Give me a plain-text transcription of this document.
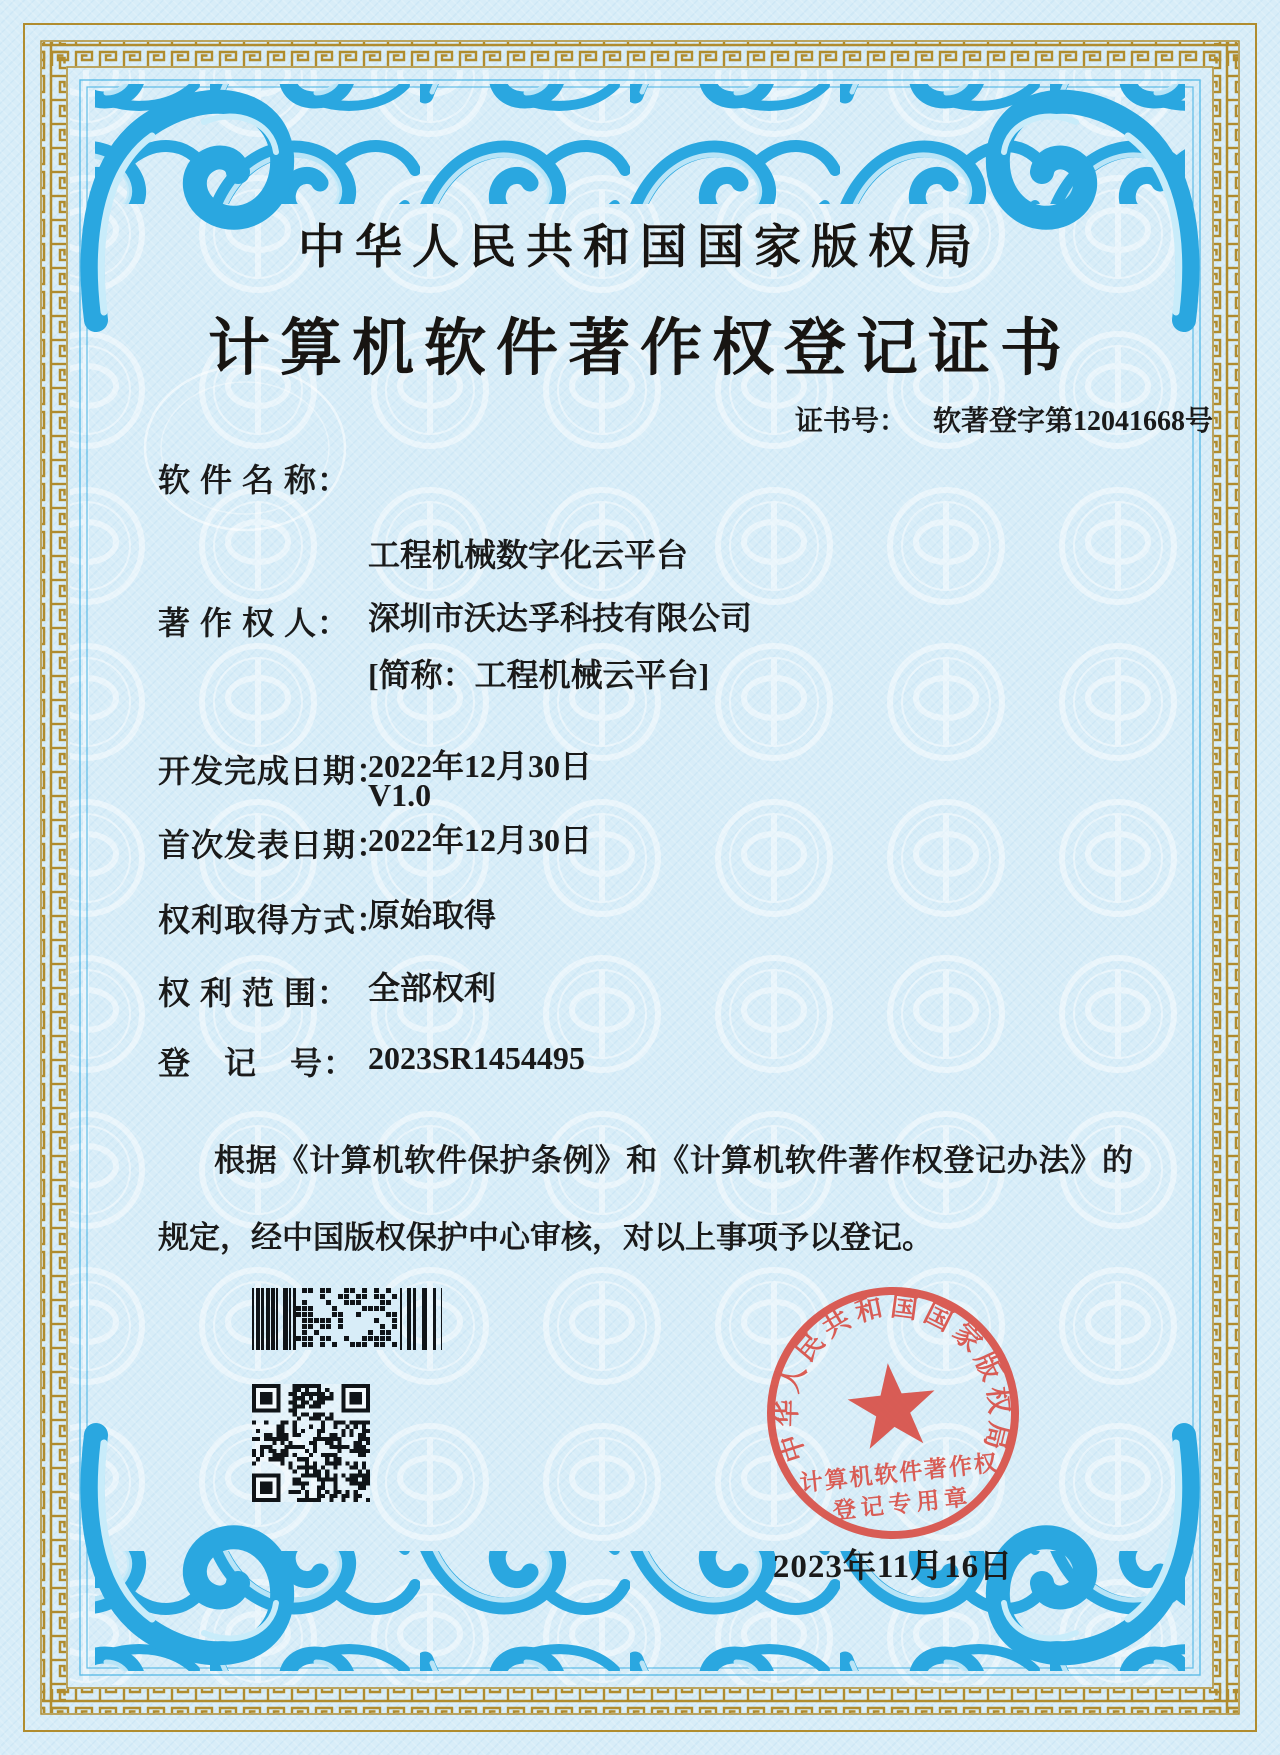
中华人民共和国国家版权局
计算机软件著作权登记证书
证书号： 软著登字第12041668号
软 件 名 称：

工程机械数字化云平台

[简称：工程机械云平台]

V1.0

著 作 权 人： 深圳市沃达孚科技有限公司
开发完成日期：
2022年12月30日
首次发表日期：
2022年12月30日
权利取得方式：
原始取得
权 利 范 围： 全部权利
登　记　号： 2023SR1454495
根据《计算机软件保护条例》和《计算机软件著作权登记办法》的规定，经中国版权保护中心审核，对以上事项予以登记。
中华人民共和国国家版权局
计算机软件著作权
登记专用章
2023年11月16日
